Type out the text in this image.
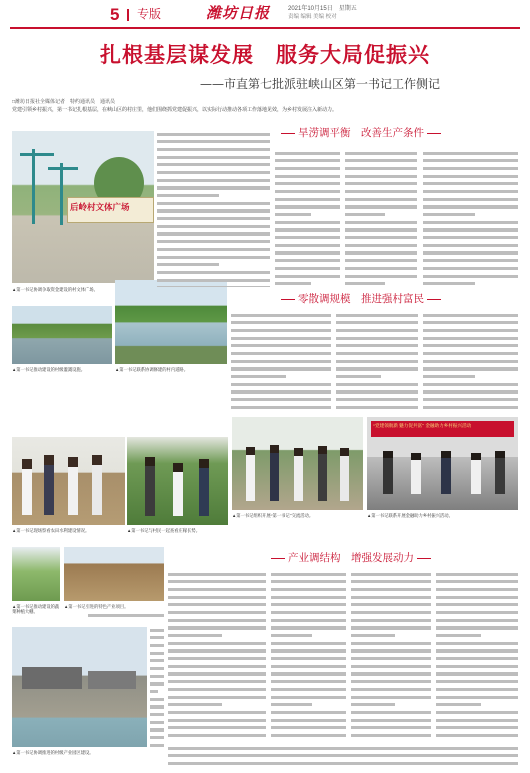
5 专版	潍坊日报	2021年10月15日　星期五
责编 编辑 美编 校对
扎根基层谋发展　服务大局促振兴
——市直第七批派驻峡山区第一书记工作侧记
□潍坊日报社全媒体记者　特约通讯员　通讯员
党建引领乡村振兴，第一书记扎根基层，在峡山区的村庄里，他们围绕抓党建促振兴，以实际行动推动各项工作落地见效，为乡村发展注入新动力。
旱涝调平衡　改善生产条件
零散调规模　推进强村富民
产业调结构　增强发展动力
后岭村文体广场
▲第一书记协调争取资金建设的村文体广场。
▲第一书记推动建设的村级灌溉设施。	▲第一书记联系协调修建的村内道路。
▲第一书记现场察看农田水利建设情况。	▲第一书记与村民一起查看庄稼长势。
▲第一书记组织开展“第一书记”交流活动。
“党建领航新 魅力促共富” 金融助力乡村振兴活动
▲第一书记联系开展金融助力乡村振兴活动。
▲第一书记推动建设的蔬菜种植大棚。
▲第一书记引进的特色产业项目。
▲第一书记协调推进的村级产业园区建设。
